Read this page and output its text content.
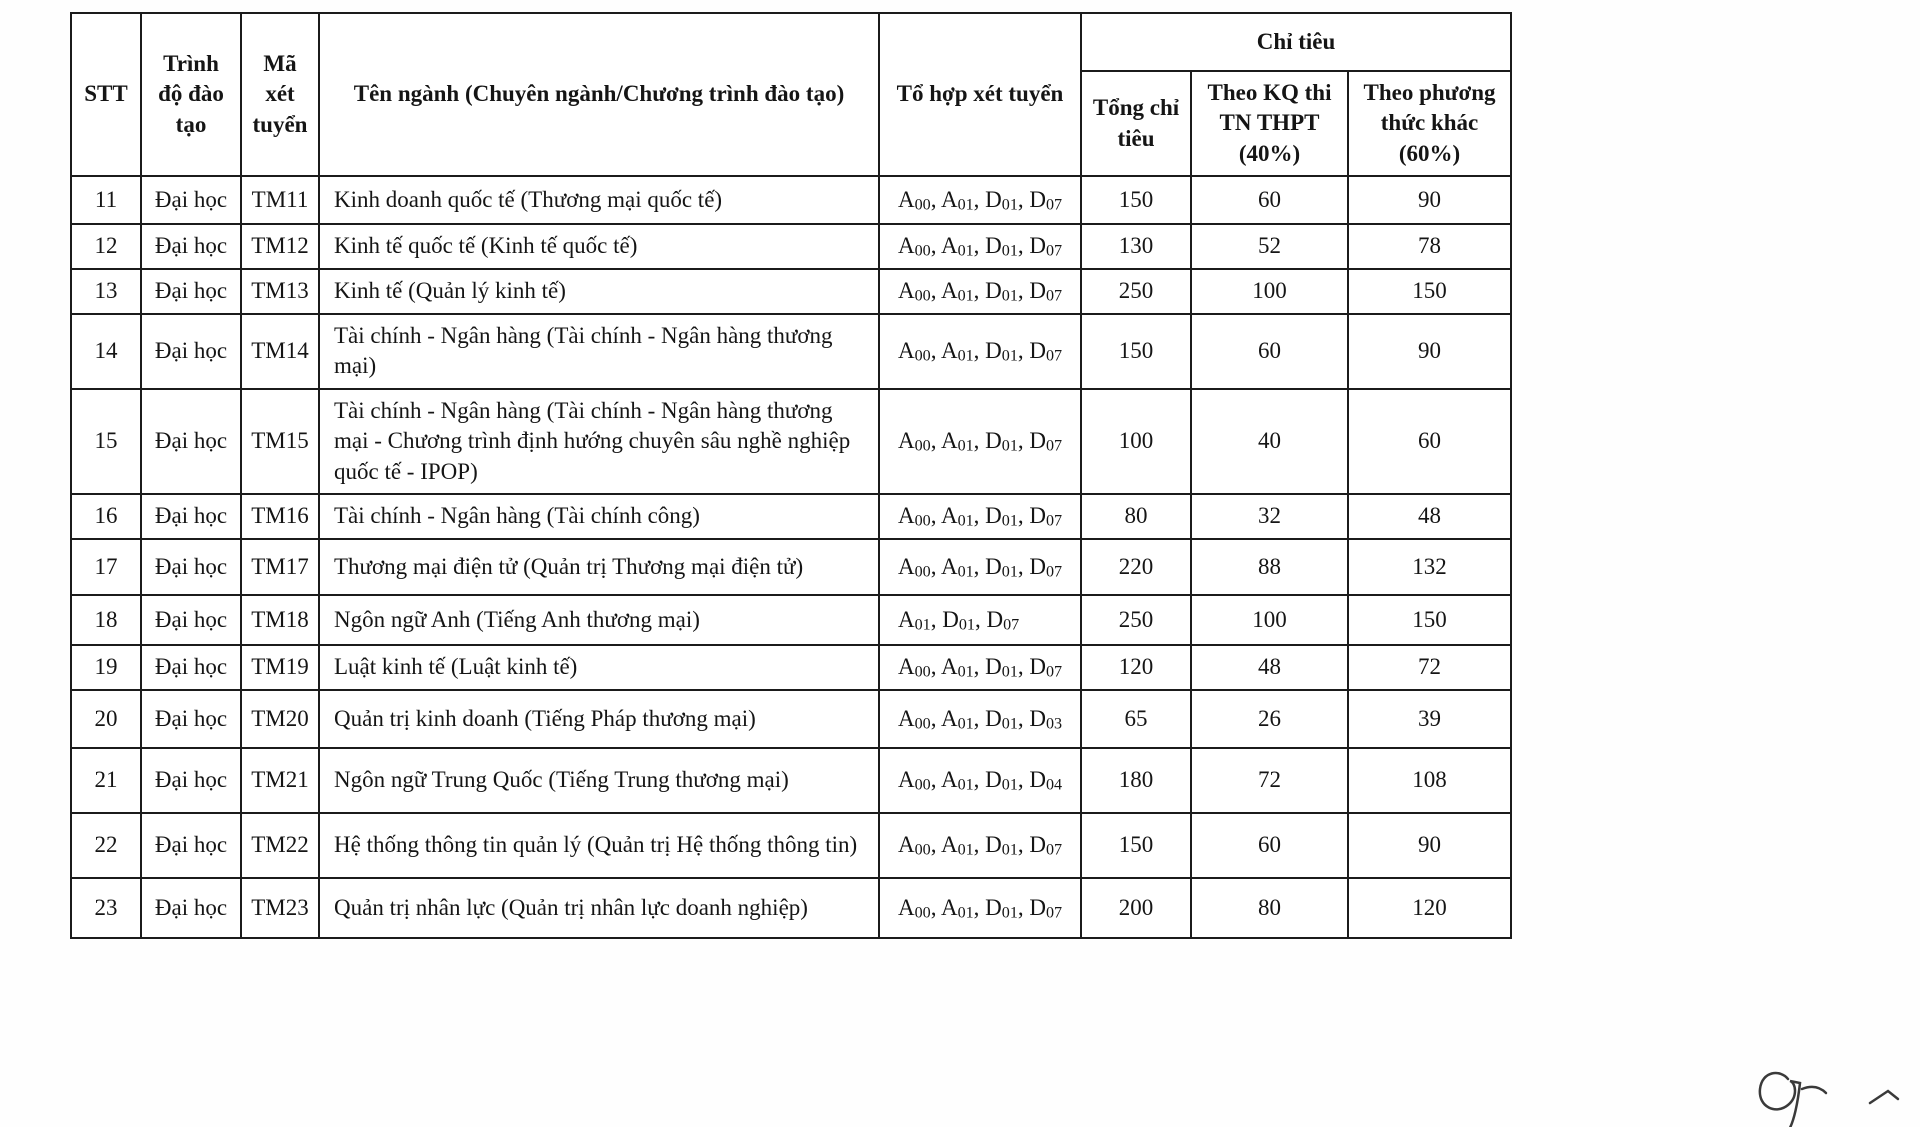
STT	Trình độ đào tạo	Mã xét tuyển	Tên ngành (Chuyên ngành/Chương trình đào tạo)	Tổ hợp xét tuyển	Chỉ tiêu		
					Tổng chỉ tiêu	Theo KQ thi TN THPT (40%)	Theo phương thức khác (60%)
11	Đại học	TM11	Kinh doanh quốc tế (Thương mại quốc tế)	$A_{00}$, $A_{01}$, $D_{01}$, $D_{07}$	150	60	90
12	Đại học	TM12	Kinh tế quốc tế (Kinh tế quốc tế)	$A_{00}$, $A_{01}$, $D_{01}$, $D_{07}$	130	52	78
13	Đại học	TM13	Kinh tế (Quản lý kinh tế)	$A_{00}$, $A_{01}$, $D_{01}$, $D_{07}$	250	100	150
14	Đại học	TM14	Tài chính - Ngân hàng (Tài chính - Ngân hàng thương mại)	$A_{00}$, $A_{01}$, $D_{01}$, $D_{07}$	150	60	90
15	Đại học	TM15	Tài chính - Ngân hàng (Tài chính - Ngân hàng thương mại - Chương trình định hướng chuyên sâu nghề nghiệp quốc tế - IPOP)	$A_{00}$, $A_{01}$, $D_{01}$, $D_{07}$	100	40	60
16	Đại học	TM16	Tài chính - Ngân hàng (Tài chính công)	$A_{00}$, $A_{01}$, $D_{01}$, $D_{07}$	80	32	48
17	Đại học	TM17	Thương mại điện tử (Quản trị Thương mại điện tử)	$A_{00}$, $A_{01}$, $D_{01}$, $D_{07}$	220	88	132
18	Đại học	TM18	Ngôn ngữ Anh (Tiếng Anh thương mại)	$A_{01}$, $D_{01}$, $D_{07}$	250	100	150
19	Đại học	TM19	Luật kinh tế (Luật kinh tế)	$A_{00}$, $A_{01}$, $D_{01}$, $D_{07}$	120	48	72
20	Đại học	TM20	Quản trị kinh doanh (Tiếng Pháp thương mại)	$A_{00}$, $A_{01}$, $D_{01}$, $D_{03}$	65	26	39
21	Đại học	TM21	Ngôn ngữ Trung Quốc (Tiếng Trung thương mại)	$A_{00}$, $A_{01}$, $D_{01}$, $D_{04}$	180	72	108
22	Đại học	TM22	Hệ thống thông tin quản lý (Quản trị Hệ thống thông tin)	$A_{00}$, $A_{01}$, $D_{01}$, $D_{07}$	150	60	90
23	Đại học	TM23	Quản trị nhân lực (Quản trị nhân lực doanh nghiệp)	$A_{00}$, $A_{01}$, $D_{01}$, $D_{07}$	200	80	120
